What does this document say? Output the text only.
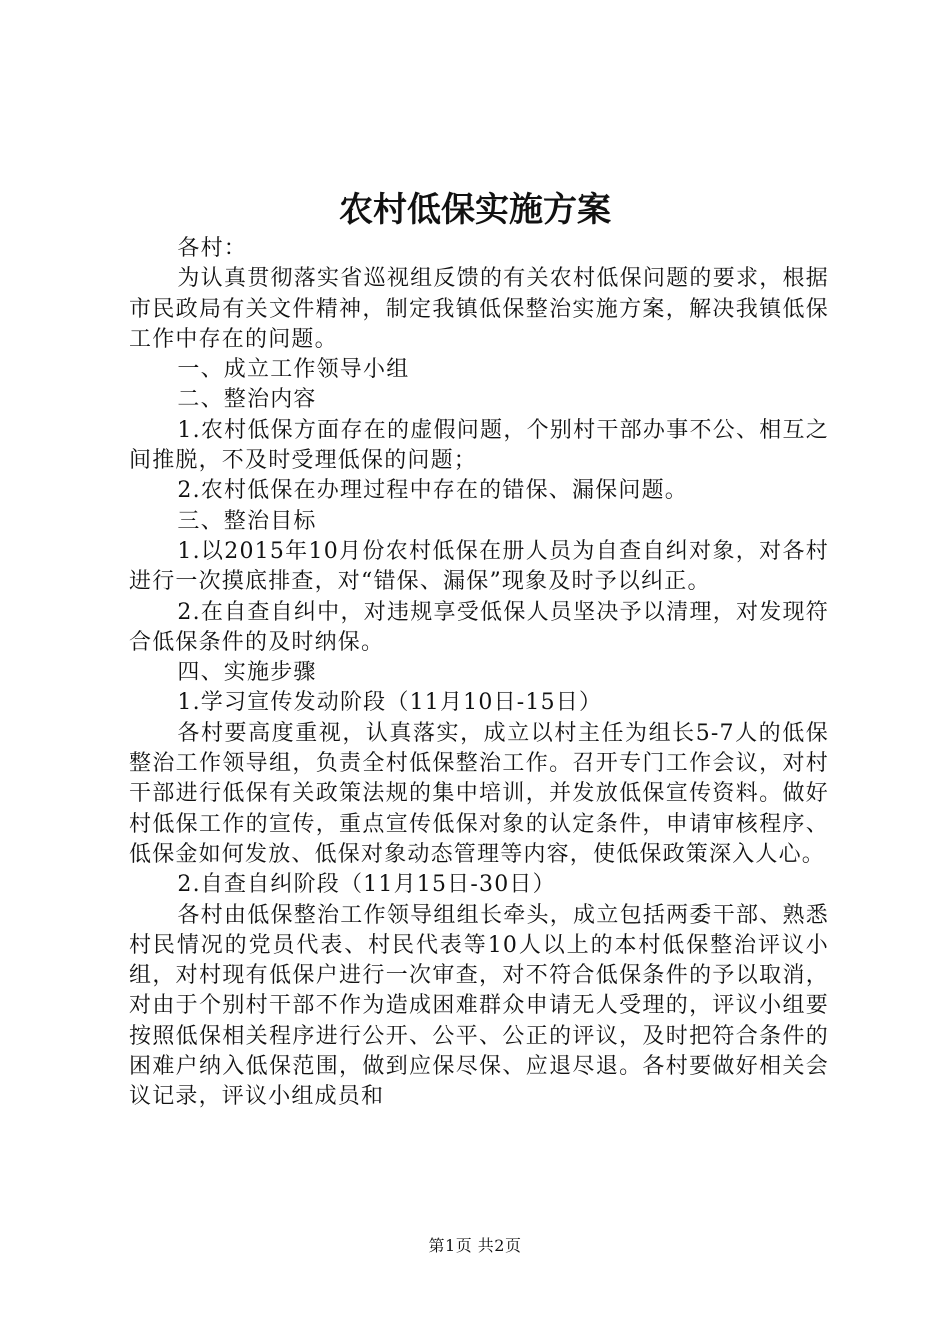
农村低保实施方案

各村：

为认真贯彻落实省巡视组反馈的有关农村低保问题的要求，根据市民政局有关文件精神，制定我镇低保整治实施方案，解决我镇低保工作中存在的问题。

一、成立工作领导小组

二、整治内容

1.农村低保方面存在的虚假问题，个别村干部办事不公、相互之间推脱，不及时受理低保的问题；

2.农村低保在办理过程中存在的错保、漏保问题。

三、整治目标

1.以2015年10月份农村低保在册人员为自查自纠对象，对各村进行一次摸底排查，对“错保、漏保”现象及时予以纠正。

2.在自查自纠中，对违规享受低保人员坚决予以清理，对发现符合低保条件的及时纳保。

四、实施步骤

1.学习宣传发动阶段（11月10日-15日）

各村要高度重视，认真落实，成立以村主任为组长5-7人的低保整治工作领导组，负责全村低保整治工作。召开专门工作会议，对村干部进行低保有关政策法规的集中培训，并发放低保宣传资料。做好村低保工作的宣传，重点宣传低保对象的认定条件，申请审核程序、低保金如何发放、低保对象动态管理等内容，使低保政策深入人心。

2.自查自纠阶段（11月15日-30日）

各村由低保整治工作领导组组长牵头，成立包括两委干部、熟悉村民情况的党员代表、村民代表等10人以上的本村低保整治评议小组，对村现有低保户进行一次审查，对不符合低保条件的予以取消，对由于个别村干部不作为造成困难群众申请无人受理的，评议小组要按照低保相关程序进行公开、公平、公正的评议，及时把符合条件的困难户纳入低保范围，做到应保尽保、应退尽退。各村要做好相关会议记录，评议小组成员和

第1页 共2页
